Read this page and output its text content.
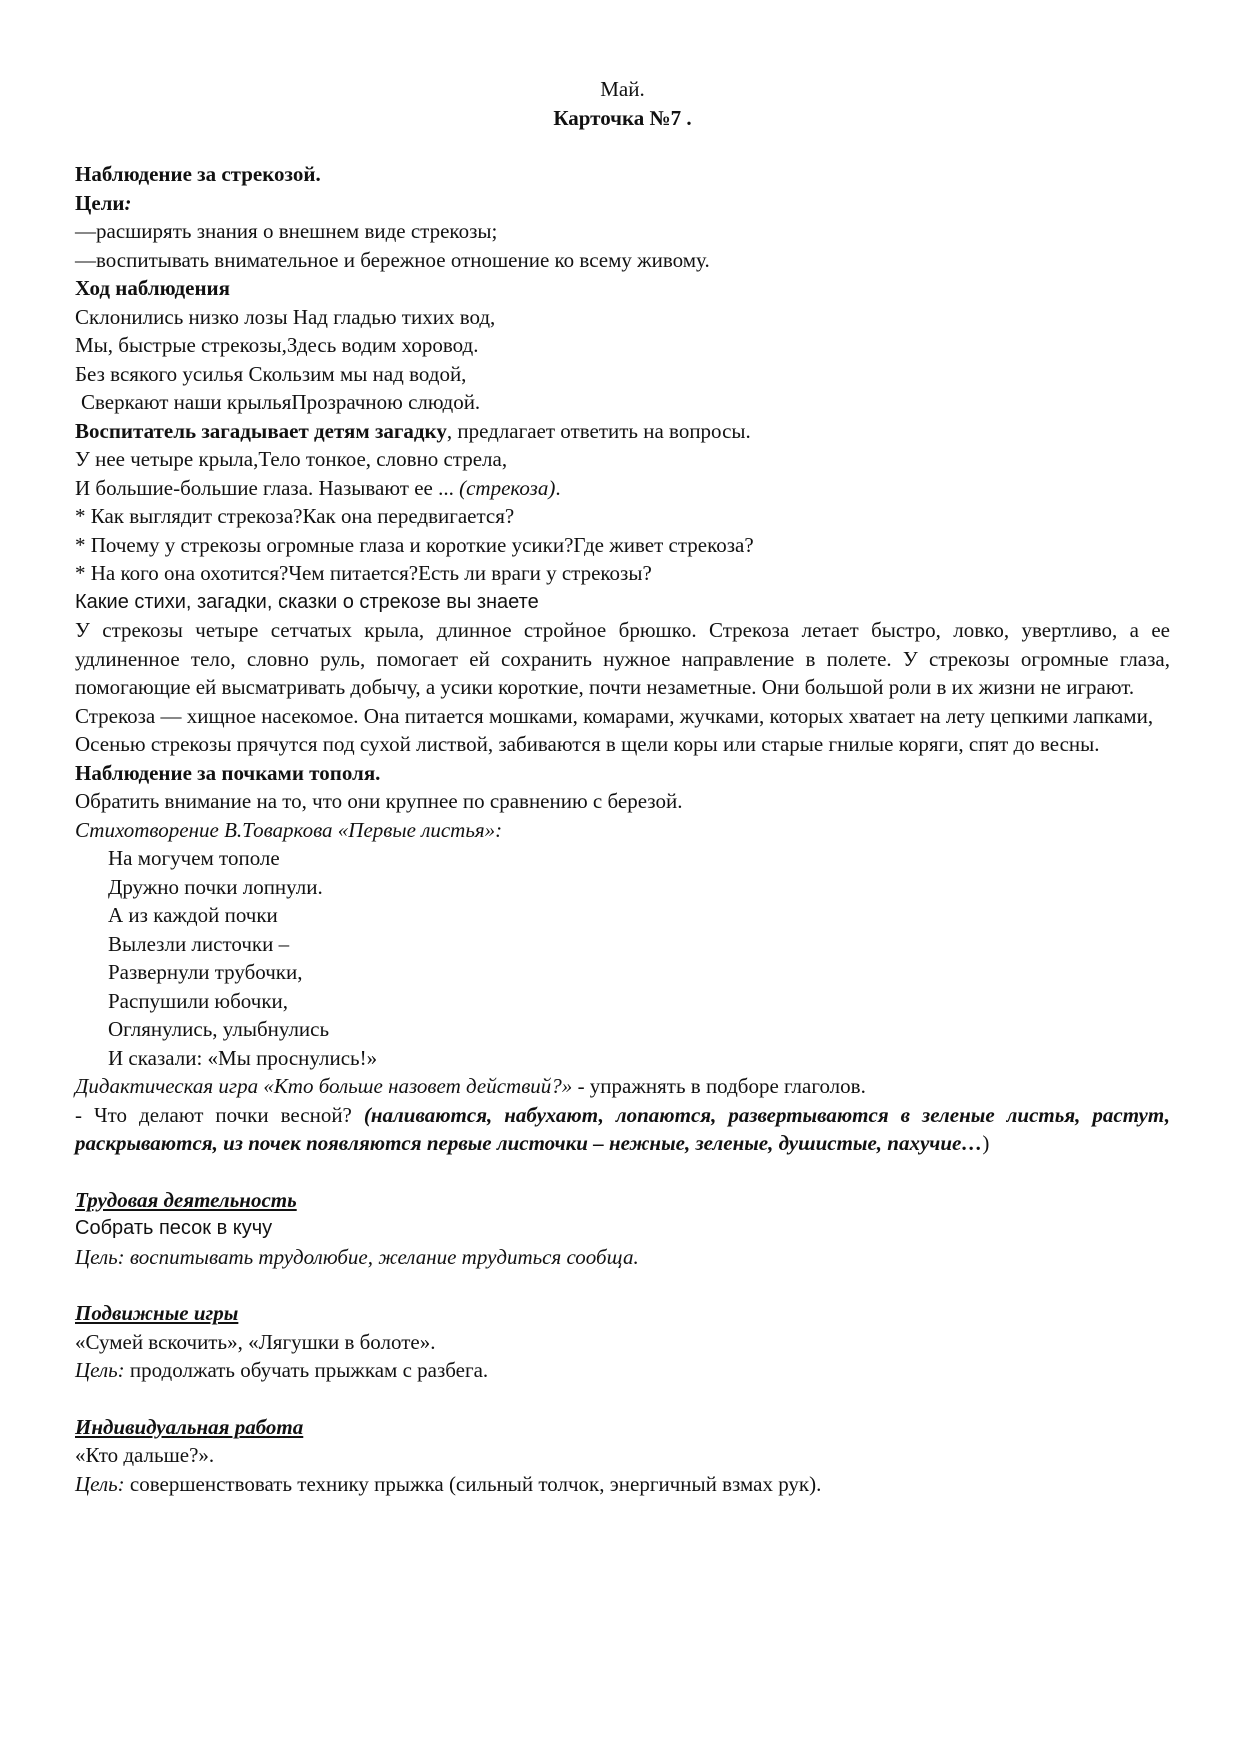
Май.

Карточка №7 .

Наблюдение за стрекозой.

Цели:

—расширять знания о внешнем виде стрекозы;

—воспитывать внимательное и бережное отношение ко всему живому.

Ход наблюдения

Склонились низко лозы Над гладью тихих вод,

Мы, быстрые стрекозы,Здесь водим хоровод.

Без всякого усилья Скользим мы над водой,

Сверкают наши крыльяПрозрачною слюдой.

Воспитатель загадывает детям загадку, предлагает ответить на вопросы.

У нее четыре крыла,Тело тонкое, словно стрела,

И большие-большие глаза. Называют ее ... (стрекоза).

* Как выглядит стрекоза?Как она передвигается?

* Почему у стрекозы огромные глаза и короткие усики?Где живет стрекоза?

* На кого она охотится?Чем питается?Есть ли враги у стрекозы?

Какие стихи, загадки, сказки о стрекозе вы знаете

У стрекозы четыре сетчатых крыла, длинное стройное брюшко. Стрекоза летает быстро, ловко, увертливо, а ее удлиненное тело, словно руль, помогает ей сохранить нужное направление в полете. У стрекозы огромные глаза, помогающие ей высматривать добычу, а усики короткие, почти незаметные. Они большой роли в их жизни не играют.

Стрекоза — хищное насекомое. Она питается мошками, комарами, жучками, которых хватает на лету цепкими лапками,

Осенью стрекозы прячутся под сухой листвой, забиваются в щели коры или старые гнилые коряги, спят до весны.

Наблюдение за почками тополя.

Обратить внимание на то, что они крупнее по сравнению с березой.

Стихотворение В.Товаркова «Первые листья»:

На могучем тополе

Дружно почки лопнули.

А из каждой почки

Вылезли листочки –

Развернули трубочки,

Распушили юбочки,

Оглянулись, улыбнулись

И сказали: «Мы проснулись!»

Дидактическая игра «Кто больше назовет действий?» - упражнять в подборе глаголов.

- Что делают почки весной? (наливаются, набухают, лопаются, развертываются в зеленые листья, растут, раскрываются, из почек появляются первые листочки – нежные, зеленые, душистые, пахучие…)

Трудовая деятельность

Собрать песок в кучу

Цель: воспитывать трудолюбие, желание трудиться сообща.

Подвижные игры

«Сумей вскочить», «Лягушки в болоте».

Цель: продолжать обучать прыжкам с разбега.

Индивидуальная работа

«Кто дальше?».

Цель: совершенствовать технику прыжка (сильный толчок, энергичный взмах рук).
